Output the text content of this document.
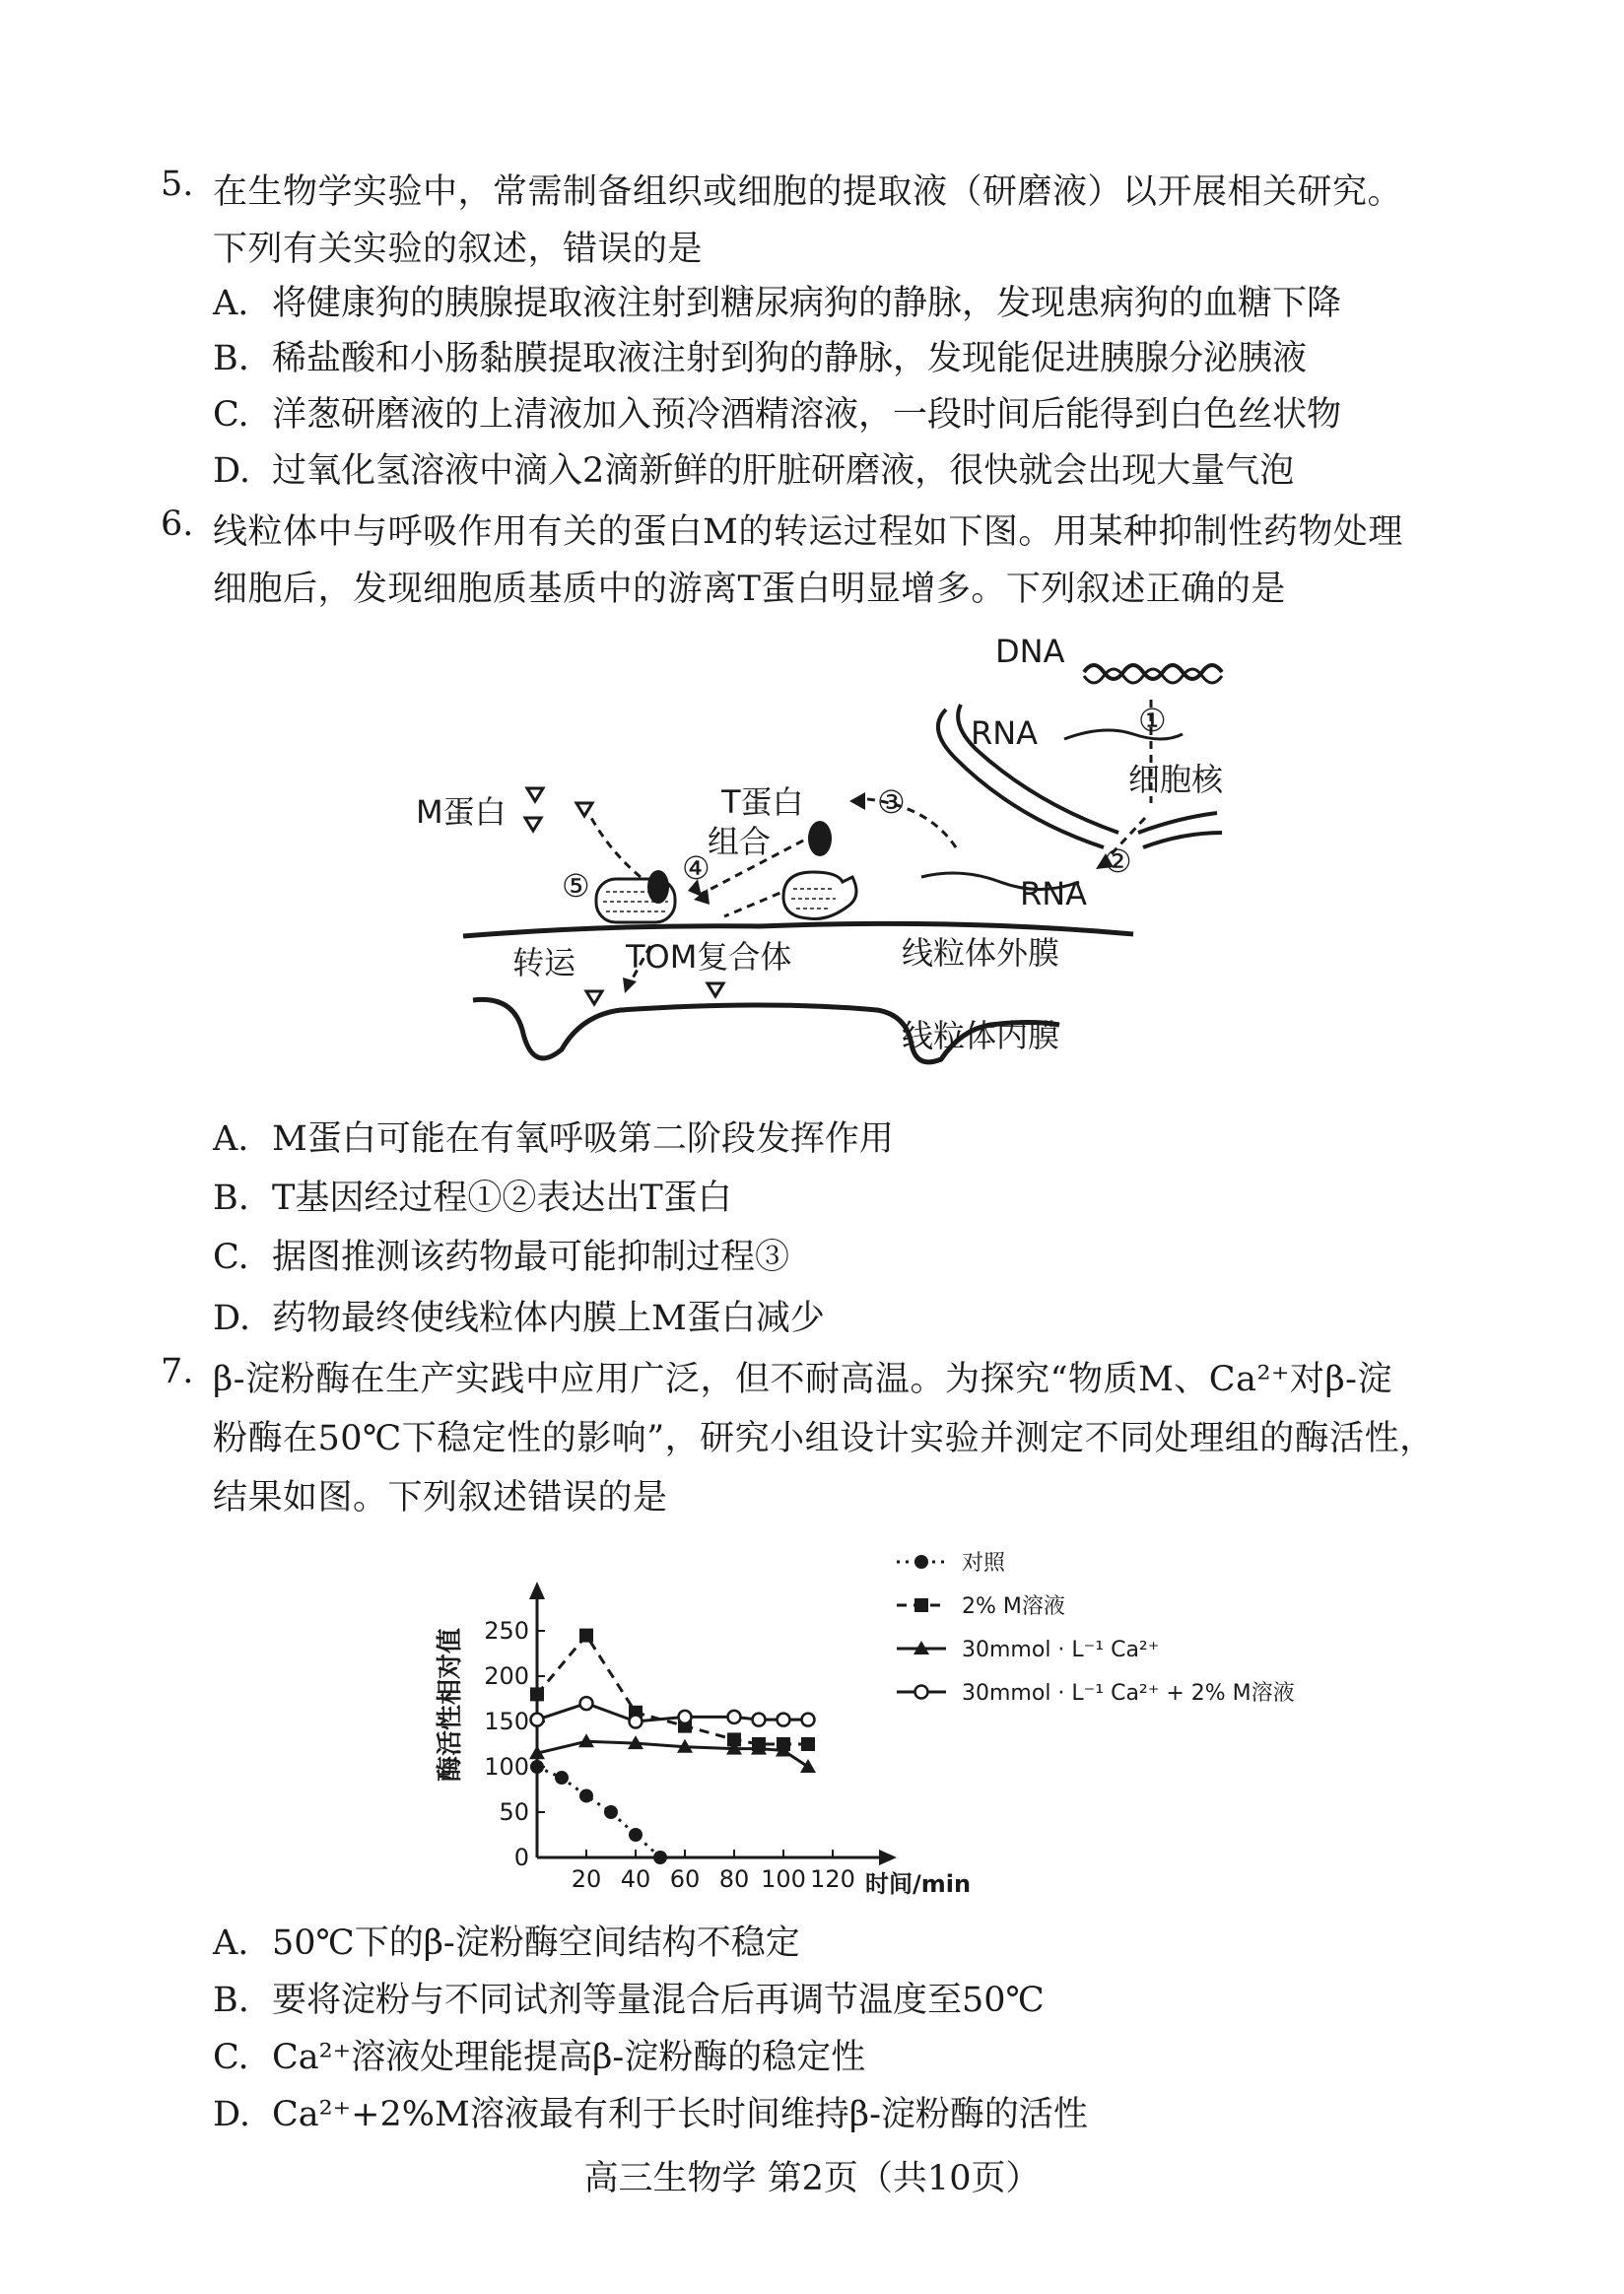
5. 在生物学实验中，常需制备组织或细胞的提取液（研磨液）以开展相关研究。
下列有关实验的叙述，错误的是
A. 将健康狗的胰腺提取液注射到糖尿病狗的静脉，发现患病狗的血糖下降
B. 稀盐酸和小肠黏膜提取液注射到狗的静脉，发现能促进胰腺分泌胰液
C. 洋葱研磨液的上清液加入预冷酒精溶液，一段时间后能得到白色丝状物
D. 过氧化氢溶液中滴入2滴新鲜的肝脏研磨液，很快就会出现大量气泡
6. 线粒体中与呼吸作用有关的蛋白M的转运过程如下图。用某种抑制性药物处理
细胞后，发现细胞质基质中的游离T蛋白明显增多。下列叙述正确的是
DNA
RNA
RNA
细胞核
M蛋白	T蛋白
组合
转运 TOM复合体	线粒体外膜
线粒体内膜
①
②
③
④
⑤
A. M蛋白可能在有氧呼吸第二阶段发挥作用
B. T基因经过程①②表达出T蛋白
C. 据图推测该药物最可能抑制过程③
D. 药物最终使线粒体内膜上M蛋白减少
7. β-淀粉酶在生产实践中应用广泛，但不耐高温。为探究“物质M、Ca²⁺对β-淀
粉酶在50℃下稳定性的影响”，研究小组设计实验并测定不同处理组的酶活性，
结果如图。下列叙述错误的是
0
50
100
150
200
250
20 40 60 80 100 120
对照
2% M溶液
30mmol · L⁻¹ Ca²⁺
30mmol · L⁻¹ Ca²⁺ + 2% M溶液
酶活性相对值
时间/min
A. 50℃下的β-淀粉酶空间结构不稳定
B. 要将淀粉与不同试剂等量混合后再调节温度至50℃
C. Ca²⁺溶液处理能提高β-淀粉酶的稳定性
D. Ca²⁺+2%M溶液最有利于长时间维持β-淀粉酶的活性
高三生物学 第2页（共10页）
